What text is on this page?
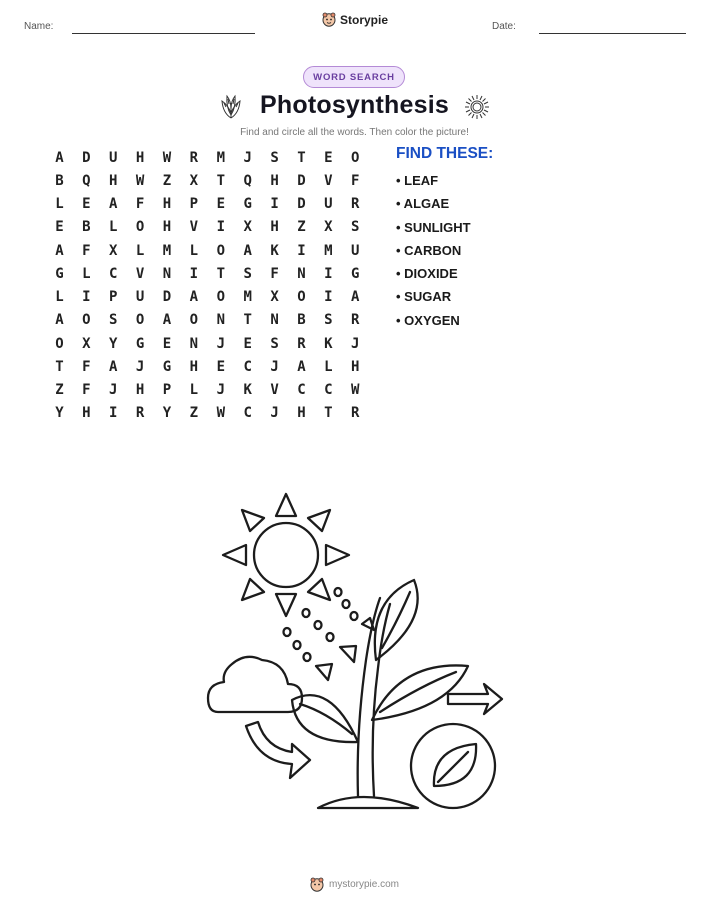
Name:	Storypie	Date:
WORD SEARCH
Photosynthesis
Find and circle all the words. Then color the picture!
A	D	U	H	W	R	M	J	S	T	E	O
B	Q	H	W	Z	X	T	Q	H	D	V	F
L	E	A	F	H	P	E	G	I	D	U	R
E	B	L	O	H	V	I	X	H	Z	X	S
A	F	X	L	M	L	O	A	K	I	M	U
G	L	C	V	N	I	T	S	F	N	I	G
L	I	P	U	D	A	O	M	X	O	I	A
A	O	S	O	A	O	N	T	N	B	S	R
O	X	Y	G	E	N	J	E	S	R	K	J
T	F	A	J	G	H	E	C	J	A	L	H
Z	F	J	H	P	L	J	K	V	C	C	W
Y	H	I	R	Y	Z	W	C	J	H	T	R
FIND THESE:
• LEAF
• ALGAE
• SUNLIGHT
• CARBON
• DIOXIDE
• SUGAR
• OXYGEN
mystorypie.com
